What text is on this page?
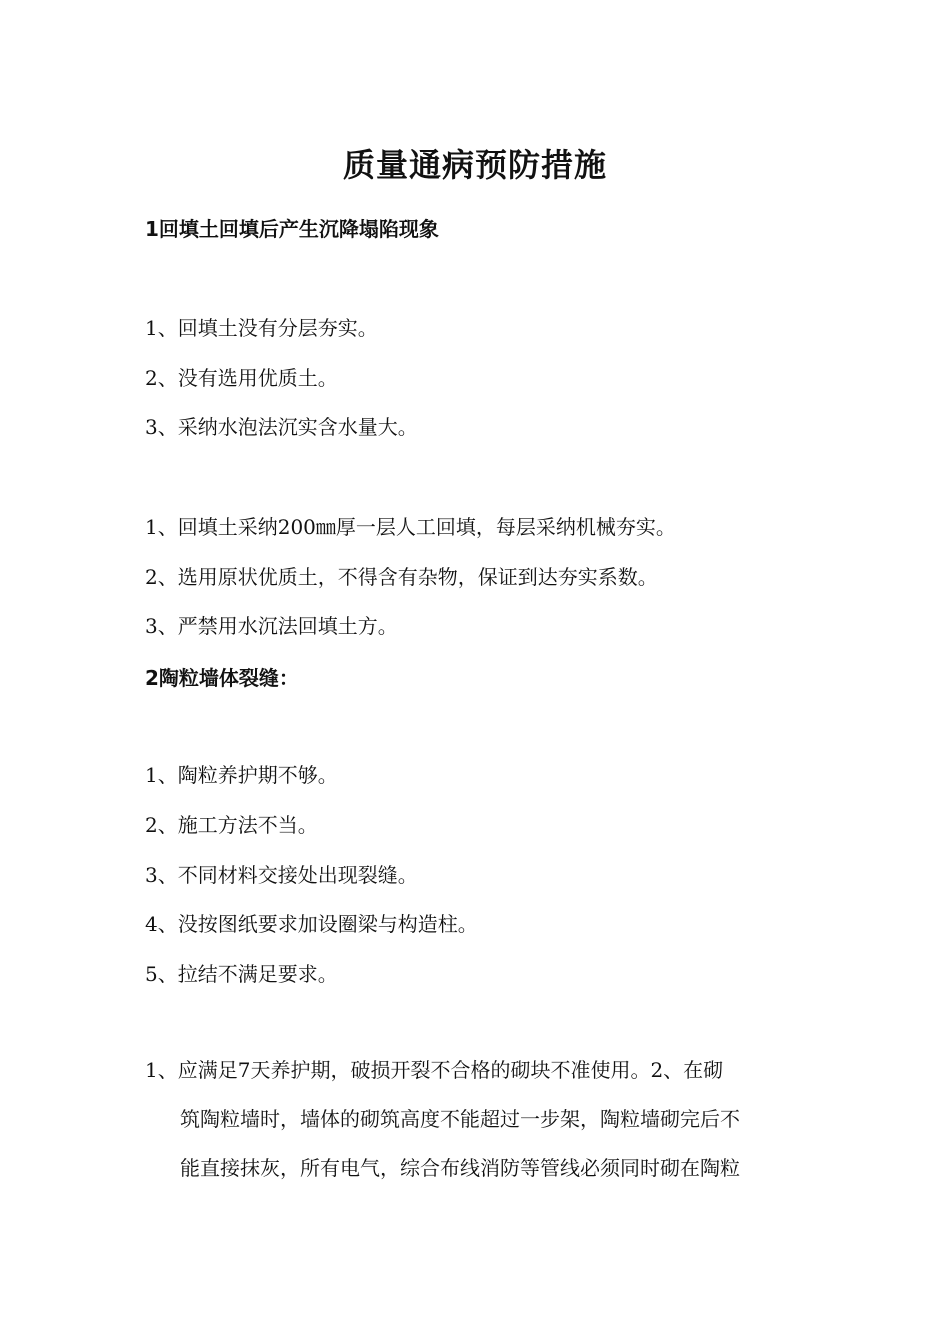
质量通病预防措施
1回填土回填后产生沉降塌陷现象
1、回填土没有分层夯实。
2、没有选用优质土。
3、采纳水泡法沉实含水量大。
1、回填土采纳200㎜厚一层人工回填，每层采纳机械夯实。
2、选用原状优质土，不得含有杂物，保证到达夯实系数。
3、严禁用水沉法回填土方。
2陶粒墙体裂缝：
1、陶粒养护期不够。
2、施工方法不当。
3、不同材料交接处出现裂缝。
4、没按图纸要求加设圈梁与构造柱。
5、拉结不满足要求。
1、应满足7天养护期，破损开裂不合格的砌块不准使用。2、在砌
筑陶粒墙时，墙体的砌筑高度不能超过一步架，陶粒墙砌完后不
能直接抹灰，所有电气，综合布线消防等管线必须同时砌在陶粒
